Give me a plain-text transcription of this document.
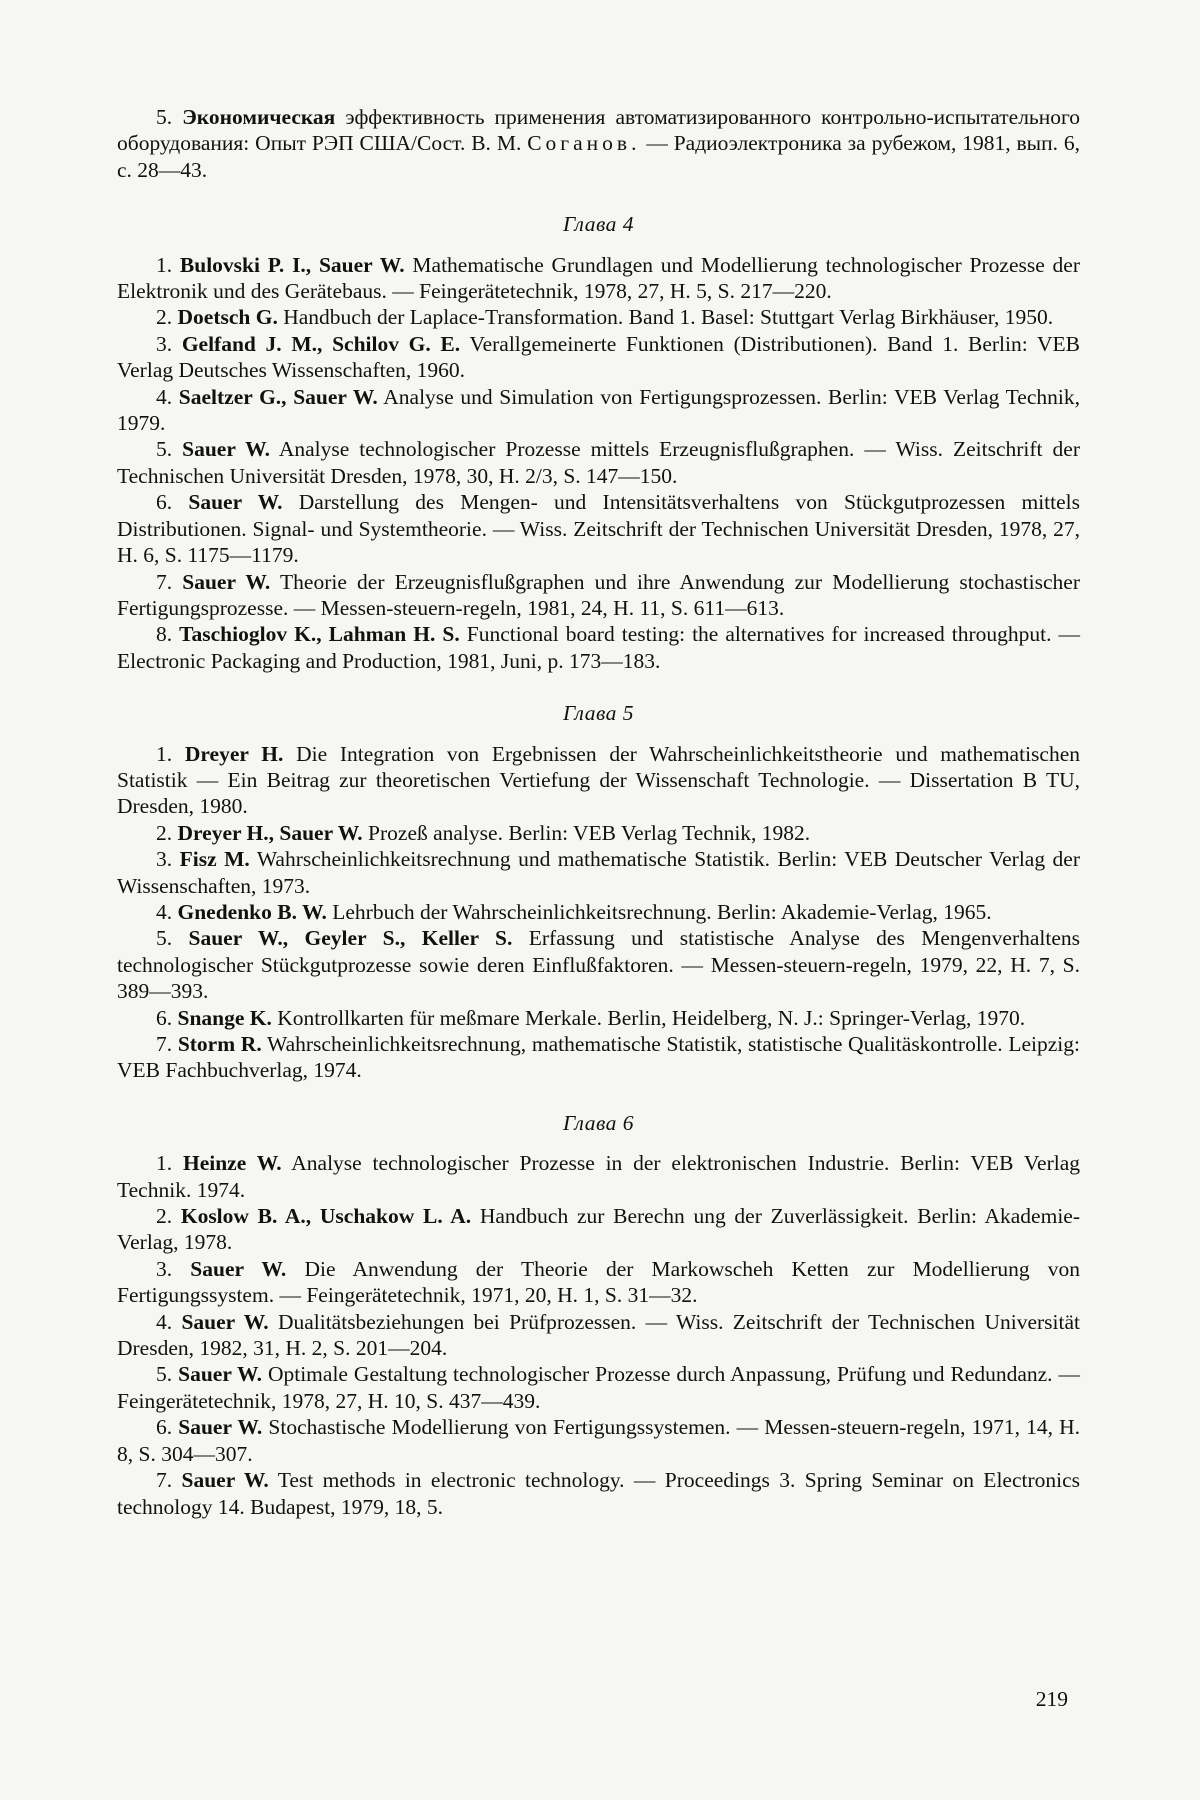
5. Экономическая эффективность применения автоматизированного контрольно-испытательного оборудования: Опыт РЭП США/Сост. В. М. Соганов. — Радиоэлектроника за рубежом, 1981, вып. 6, с. 28—43.

Глава 4

1. Bulovski P. I., Sauer W. Mathematische Grundlagen und Modellierung technologischer Prozesse der Elektronik und des Gerätebaus. — Feingerätetechnik, 1978, 27, H. 5, S. 217—220.

2. Doetsch G. Handbuch der Laplace-Transformation. Band 1. Basel: Stuttgart Verlag Birkhäuser, 1950.

3. Gelfand J. M., Schilov G. E. Verallgemeinerte Funktionen (Distributionen). Band 1. Berlin: VEB Verlag Deutsches Wissenschaften, 1960.

4. Saeltzer G., Sauer W. Analyse und Simulation von Fertigungsprozessen. Berlin: VEB Verlag Technik, 1979.

5. Sauer W. Analyse technologischer Prozesse mittels Erzeugnisflußgraphen. — Wiss. Zeitschrift der Technischen Universität Dresden, 1978, 30, H. 2/3, S. 147—150.

6. Sauer W. Darstellung des Mengen- und Intensitätsverhaltens von Stückgutprozessen mittels Distributionen. Signal- und Systemtheorie. — Wiss. Zeitschrift der Technischen Universität Dresden, 1978, 27, H. 6, S. 1175—1179.

7. Sauer W. Theorie der Erzeugnisflußgraphen und ihre Anwendung zur Modellierung stochastischer Fertigungsprozesse. — Messen-steuern-regeln, 1981, 24, H. 11, S. 611—613.

8. Taschioglov K., Lahman H. S. Functional board testing: the alternatives for increased throughput. — Electronic Packaging and Production, 1981, Juni, p. 173—183.

Глава 5

1. Dreyer H. Die Integration von Ergebnissen der Wahrscheinlichkeitstheorie und mathematischen Statistik — Ein Beitrag zur theoretischen Vertiefung der Wissenschaft Technologie. — Dissertation B TU, Dresden, 1980.

2. Dreyer H., Sauer W. Prozeß analyse. Berlin: VEB Verlag Technik, 1982.

3. Fisz M. Wahrscheinlichkeitsrechnung und mathematische Statistik. Berlin: VEB Deutscher Verlag der Wissenschaften, 1973.

4. Gnedenko B. W. Lehrbuch der Wahrscheinlichkeitsrechnung. Berlin: Akademie-Verlag, 1965.

5. Sauer W., Geyler S., Keller S. Erfassung und statistische Analyse des Mengenverhaltens technologischer Stückgutprozesse sowie deren Einflußfaktoren. — Messen-steuern-regeln, 1979, 22, H. 7, S. 389—393.

6. Snange K. Kontrollkarten für meßmare Merkale. Berlin, Heidelberg, N. J.: Springer-Verlag, 1970.

7. Storm R. Wahrscheinlichkeitsrechnung, mathematische Statistik, statistische Qualitäskontrolle. Leipzig: VEB Fachbuchverlag, 1974.

Глава 6

1. Heinze W. Analyse technologischer Prozesse in der elektronischen Industrie. Berlin: VEB Verlag Technik. 1974.

2. Koslow B. A., Uschakow L. A. Handbuch zur Berechn ung der Zuverlässigkeit. Berlin: Akademie-Verlag, 1978.

3. Sauer W. Die Anwendung der Theorie der Markowscheh Ketten zur Modellierung von Fertigungssystem. — Feingerätetechnik, 1971, 20, H. 1, S. 31—32.

4. Sauer W. Dualitätsbeziehungen bei Prüfprozessen. — Wiss. Zeitschrift der Technischen Universität Dresden, 1982, 31, H. 2, S. 201—204.

5. Sauer W. Optimale Gestaltung technologischer Prozesse durch Anpassung, Prüfung und Redundanz. — Feingerätetechnik, 1978, 27, H. 10, S. 437—439.

6. Sauer W. Stochastische Modellierung von Fertigungssystemen. — Messen-steuern-regeln, 1971, 14, H. 8, S. 304—307.

7. Sauer W. Test methods in electronic technology. — Proceedings 3. Spring Seminar on Electronics technology 14. Budapest, 1979, 18, 5.

219
